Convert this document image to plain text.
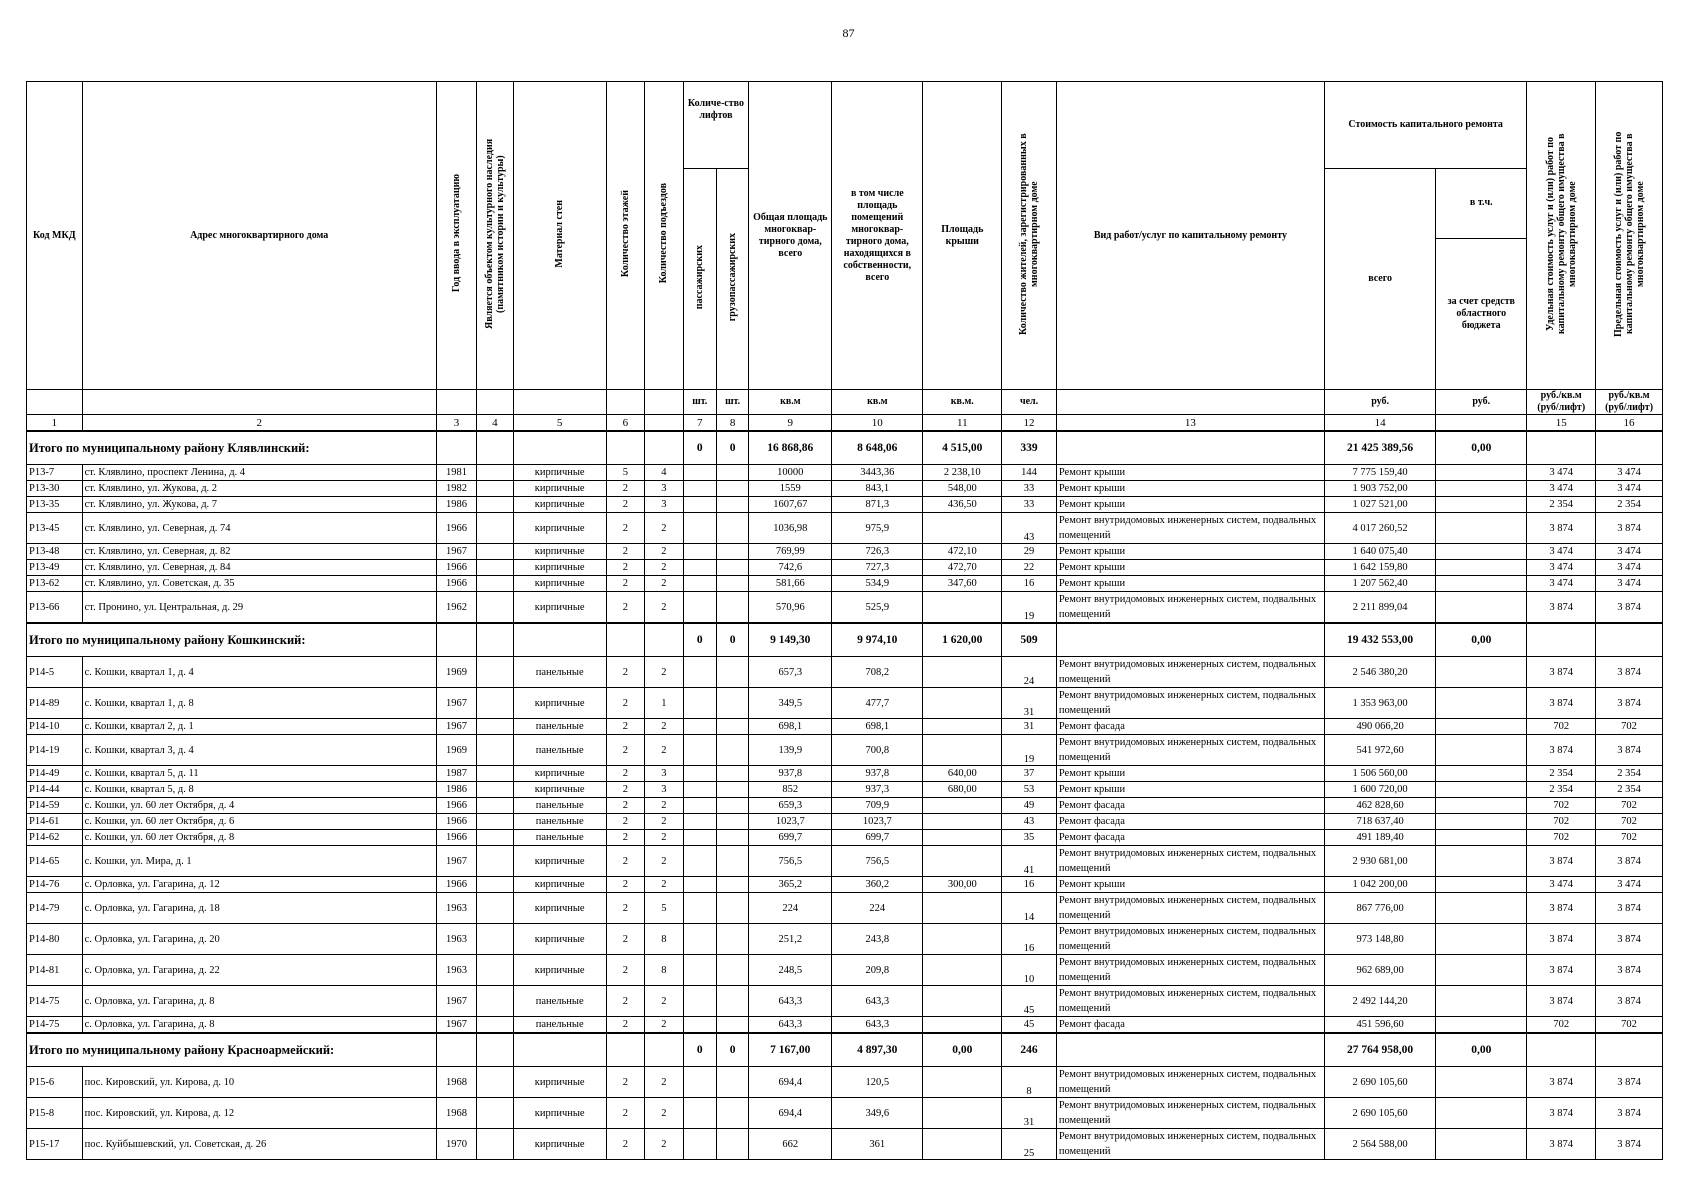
87
Код МКД	Адрес многоквартирного дома	Год ввода в эксплуатацию	Является объектом культурного наследия (памятником истории и культуры)	Материал стен	Количество этажей	Количество подъездов	Количе-ство лифтов		Общая площадь многоквар-тирного дома, всего	в том числе площадь помещений многоквар-тирного дома, находящихся в собственности, всего	Площадь крыши	Количество жителей, зарегистрированных в многоквартирном доме	Вид работ/услуг по капитальному ремонту	Стоимость капитального ремонта		Удельная стоимость услуг и (или) работ по капитальному ремонту общего имущества в многоквартирном доме	Предельная стоимость услуг и (или) работ по капитальному ремонту общего имущества в многоквартирном доме
							пассажирских	грузопассажирских						всего	в т.ч.		
															за счет средств областного бюджета		
							шт.	шт.	кв.м	кв.м	кв.м.	чел.		руб.	руб.	руб./кв.м (руб/лифт)	руб./кв.м (руб/лифт)
1	2	3	4	5	6		7	8	9	10	11	12	13	14		15	16
Итого по муниципальному району Клявлинский:							0	0	16 868,86	8 648,06	4 515,00	339		21 425 389,56	0,00		
Р13-7	ст. Клявлино, проспект Ленина, д. 4	1981		кирпичные	5	4			10000	3443,36	2 238,10	144	Ремонт крыши	7 775 159,40		3 474	3 474
Р13-30	ст. Клявлино, ул. Жукова, д. 2	1982		кирпичные	2	3			1559	843,1	548,00	33	Ремонт крыши	1 903 752,00		3 474	3 474
Р13-35	ст. Клявлино, ул. Жукова, д. 7	1986		кирпичные	2	3			1607,67	871,3	436,50	33	Ремонт крыши	1 027 521,00		2 354	2 354
Р13-45	ст. Клявлино, ул. Северная, д. 74	1966		кирпичные	2	2			1036,98	975,9		43	Ремонт внутридомовых инженерных систем, подвальных помещений	4 017 260,52		3 874	3 874
Р13-48	ст. Клявлино, ул. Северная, д. 82	1967		кирпичные	2	2			769,99	726,3	472,10	29	Ремонт крыши	1 640 075,40		3 474	3 474
Р13-49	ст. Клявлино, ул. Северная, д. 84	1966		кирпичные	2	2			742,6	727,3	472,70	22	Ремонт крыши	1 642 159,80		3 474	3 474
Р13-62	ст. Клявлино, ул. Советская, д. 35	1966		кирпичные	2	2			581,66	534,9	347,60	16	Ремонт крыши	1 207 562,40		3 474	3 474
Р13-66	ст. Пронино, ул. Центральная, д. 29	1962		кирпичные	2	2			570,96	525,9		19	Ремонт внутридомовых инженерных систем, подвальных помещений	2 211 899,04		3 874	3 874
Итого по муниципальному району Кошкинский:							0	0	9 149,30	9 974,10	1 620,00	509		19 432 553,00	0,00		
Р14-5	с. Кошки, квартал 1, д. 4	1969		панельные	2	2			657,3	708,2		24	Ремонт внутридомовых инженерных систем, подвальных помещений	2 546 380,20		3 874	3 874
Р14-89	с. Кошки, квартал 1, д. 8	1967		кирпичные	2	1			349,5	477,7		31	Ремонт внутридомовых инженерных систем, подвальных помещений	1 353 963,00		3 874	3 874
Р14-10	с. Кошки, квартал 2, д. 1	1967		панельные	2	2			698,1	698,1		31	Ремонт фасада	490 066,20		702	702
Р14-19	с. Кошки, квартал 3, д. 4	1969		панельные	2	2			139,9	700,8		19	Ремонт внутридомовых инженерных систем, подвальных помещений	541 972,60		3 874	3 874
Р14-49	с. Кошки, квартал 5, д. 11	1987		кирпичные	2	3			937,8	937,8	640,00	37	Ремонт крыши	1 506 560,00		2 354	2 354
Р14-44	с. Кошки, квартал 5, д. 8	1986		кирпичные	2	3			852	937,3	680,00	53	Ремонт крыши	1 600 720,00		2 354	2 354
Р14-59	с. Кошки, ул. 60 лет Октября, д. 4	1966		панельные	2	2			659,3	709,9		49	Ремонт фасада	462 828,60		702	702
Р14-61	с. Кошки, ул. 60 лет Октября, д. 6	1966		панельные	2	2			1023,7	1023,7		43	Ремонт фасада	718 637,40		702	702
Р14-62	с. Кошки, ул. 60 лет Октября, д. 8	1966		панельные	2	2			699,7	699,7		35	Ремонт фасада	491 189,40		702	702
Р14-65	с. Кошки, ул. Мира, д. 1	1967		кирпичные	2	2			756,5	756,5		41	Ремонт внутридомовых инженерных систем, подвальных помещений	2 930 681,00		3 874	3 874
Р14-76	с. Орловка, ул. Гагарина, д. 12	1966		кирпичные	2	2			365,2	360,2	300,00	16	Ремонт крыши	1 042 200,00		3 474	3 474
Р14-79	с. Орловка, ул. Гагарина, д. 18	1963		кирпичные	2	5			224	224		14	Ремонт внутридомовых инженерных систем, подвальных помещений	867 776,00		3 874	3 874
Р14-80	с. Орловка, ул. Гагарина, д. 20	1963		кирпичные	2	8			251,2	243,8		16	Ремонт внутридомовых инженерных систем, подвальных помещений	973 148,80		3 874	3 874
Р14-81	с. Орловка, ул. Гагарина, д. 22	1963		кирпичные	2	8			248,5	209,8		10	Ремонт внутридомовых инженерных систем, подвальных помещений	962 689,00		3 874	3 874
Р14-75	с. Орловка, ул. Гагарина, д. 8	1967		панельные	2	2			643,3	643,3		45	Ремонт внутридомовых инженерных систем, подвальных помещений	2 492 144,20		3 874	3 874
Р14-75	с. Орловка, ул. Гагарина, д. 8	1967		панельные	2	2			643,3	643,3		45	Ремонт фасада	451 596,60		702	702
Итого по муниципальному району Красноармейский:							0	0	7 167,00	4 897,30	0,00	246		27 764 958,00	0,00		
Р15-6	пос. Кировский, ул. Кирова, д. 10	1968		кирпичные	2	2			694,4	120,5		8	Ремонт внутридомовых инженерных систем, подвальных помещений	2 690 105,60		3 874	3 874
Р15-8	пос. Кировский, ул. Кирова, д. 12	1968		кирпичные	2	2			694,4	349,6		31	Ремонт внутридомовых инженерных систем, подвальных помещений	2 690 105,60		3 874	3 874
Р15-17	пос. Куйбышевский, ул. Советская, д. 26	1970		кирпичные	2	2			662	361		25	Ремонт внутридомовых инженерных систем, подвальных помещений	2 564 588,00		3 874	3 874
